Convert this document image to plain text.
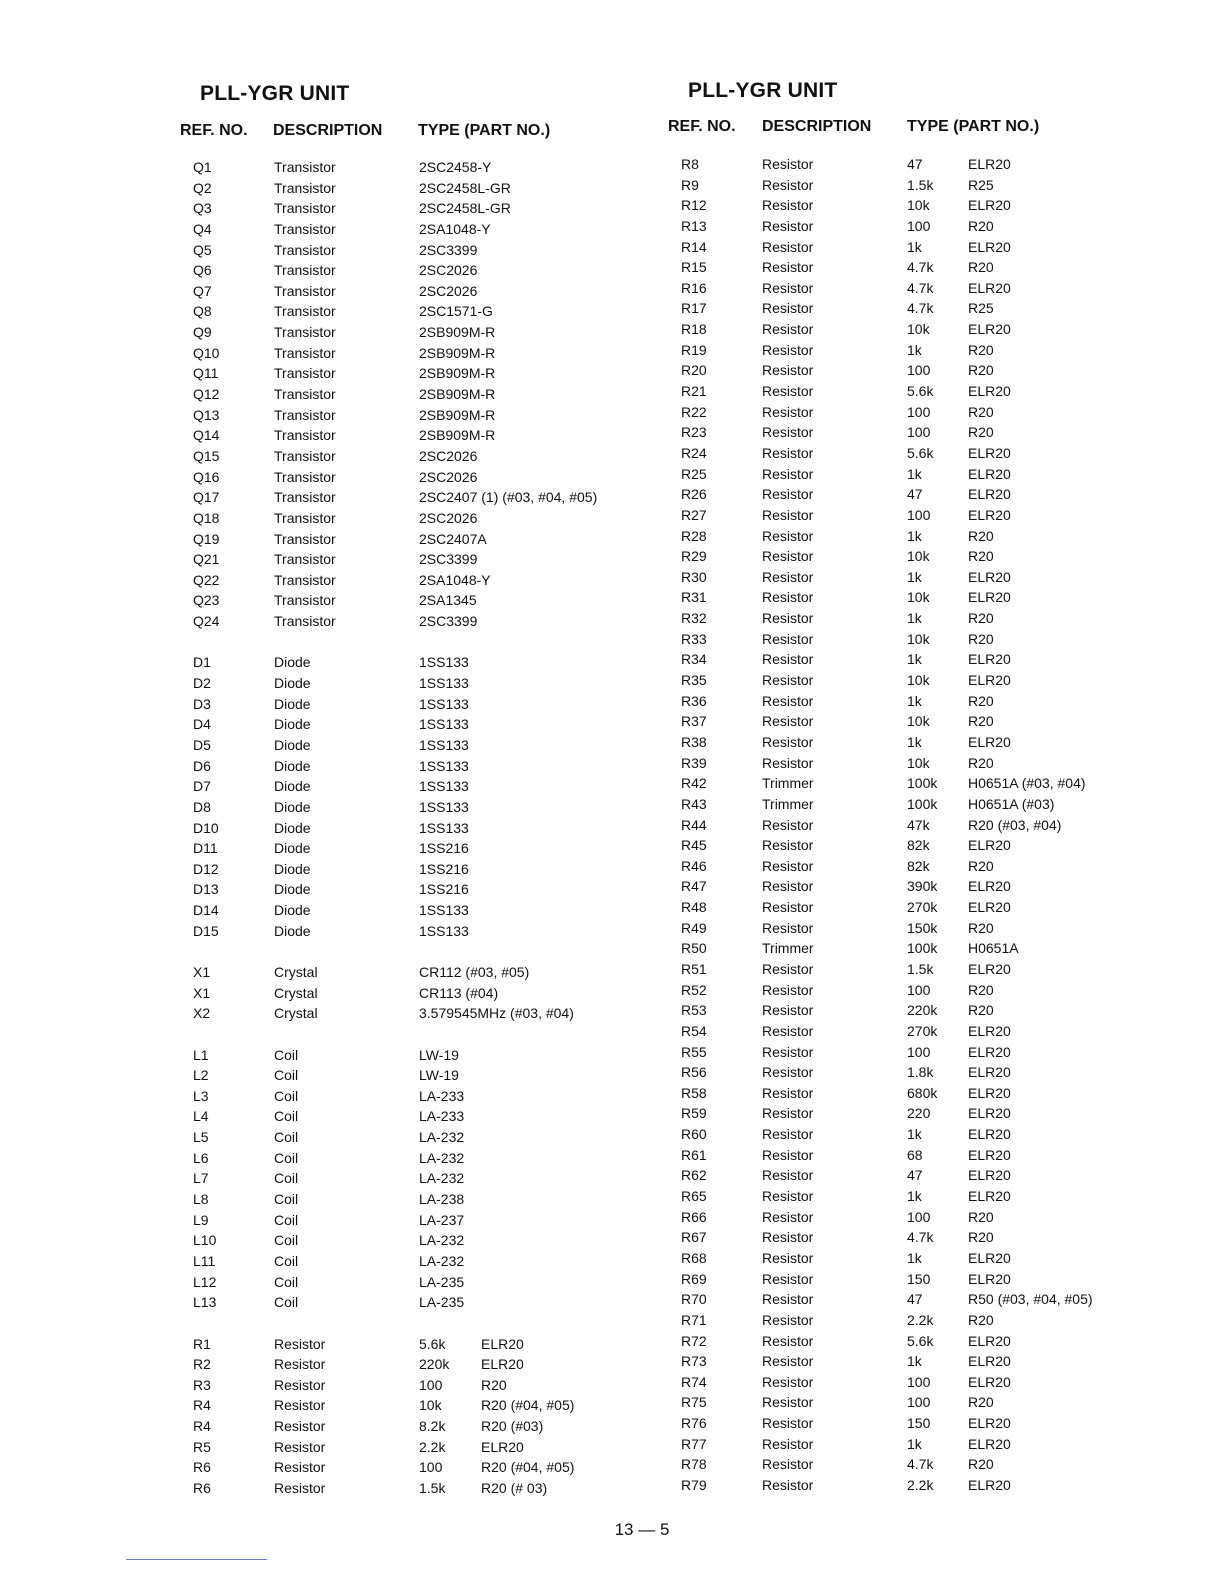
PLL-YGR UNIT
REF. NO. DESCRIPTION TYPE (PART NO.)
Q1	Transistor	2SC2458-Y
Q2	Transistor	2SC2458L-GR
Q3	Transistor	2SC2458L-GR
Q4	Transistor	2SA1048-Y
Q5	Transistor	2SC3399
Q6	Transistor	2SC2026
Q7	Transistor	2SC2026
Q8	Transistor	2SC1571-G
Q9	Transistor	2SB909M-R
Q10	Transistor	2SB909M-R
Q11	Transistor	2SB909M-R
Q12	Transistor	2SB909M-R
Q13	Transistor	2SB909M-R
Q14	Transistor	2SB909M-R
Q15	Transistor	2SC2026
Q16	Transistor	2SC2026
Q17	Transistor	2SC2407 (1) (#03, #04, #05)
Q18	Transistor	2SC2026
Q19	Transistor	2SC2407A
Q21	Transistor	2SC3399
Q22	Transistor	2SA1048-Y
Q23	Transistor	2SA1345
Q24	Transistor	2SC3399
D1	Diode	1SS133
D2	Diode	1SS133
D3	Diode	1SS133
D4	Diode	1SS133
D5	Diode	1SS133
D6	Diode	1SS133
D7	Diode	1SS133
D8	Diode	1SS133
D10	Diode	1SS133
D11	Diode	1SS216
D12	Diode	1SS216
D13	Diode	1SS216
D14	Diode	1SS133
D15	Diode	1SS133
X1	Crystal	CR112 (#03, #05)
X1	Crystal	CR113 (#04)
X2	Crystal	3.579545MHz (#03, #04)
L1	Coil	LW-19
L2	Coil	LW-19
L3	Coil	LA-233
L4	Coil	LA-233
L5	Coil	LA-232
L6	Coil	LA-232
L7	Coil	LA-232
L8	Coil	LA-238
L9	Coil	LA-237
L10	Coil	LA-232
L11	Coil	LA-232
L12	Coil	LA-235
L13	Coil	LA-235
R1	Resistor	5.6k	ELR20
R2	Resistor	220k ELR20
R3	Resistor	100	R20
R4	Resistor	10k	R20 (#04, #05)
R4	Resistor	8.2k	R20 (#03)
R5	Resistor	2.2k	ELR20
R6	Resistor	100	R20 (#04, #05)
R6	Resistor	1.5k	R20 (# 03)
PLL-YGR UNIT
REF. NO. DESCRIPTION TYPE (PART NO.)
R8	Resistor	47	ELR20
R9	Resistor	1.5k R25
R12	Resistor	10k	ELR20
R13	Resistor	100	R20
R14	Resistor	1k	ELR20
R15	Resistor	4.7k R20
R16	Resistor	4.7k ELR20
R17	Resistor	4.7k R25
R18	Resistor	10k	ELR20
R19	Resistor	1k	R20
R20	Resistor	100	R20
R21	Resistor	5.6k ELR20
R22	Resistor	100	R20
R23	Resistor	100	R20
R24	Resistor	5.6k ELR20
R25	Resistor	1k	ELR20
R26	Resistor	47	ELR20
R27	Resistor	100	ELR20
R28	Resistor	1k	R20
R29	Resistor	10k	R20
R30	Resistor	1k	ELR20
R31	Resistor	10k	ELR20
R32	Resistor	1k	R20
R33	Resistor	10k	R20
R34	Resistor	1k	ELR20
R35	Resistor	10k	ELR20
R36	Resistor	1k	R20
R37	Resistor	10k	R20
R38	Resistor	1k	ELR20
R39	Resistor	10k	R20
R42	Trimmer	100k H0651A (#03, #04)
R43	Trimmer	100k H0651A (#03)
R44	Resistor	47k	R20 (#03, #04)
R45	Resistor	82k	ELR20
R46	Resistor	82k	R20
R47	Resistor	390k ELR20
R48	Resistor	270k ELR20
R49	Resistor	150k R20
R50	Trimmer	100k H0651A
R51	Resistor	1.5k ELR20
R52	Resistor	100	R20
R53	Resistor	220k R20
R54	Resistor	270k ELR20
R55	Resistor	100	ELR20
R56	Resistor	1.8k ELR20
R58	Resistor	680k ELR20
R59	Resistor	220	ELR20
R60	Resistor	1k	ELR20
R61	Resistor	68	ELR20
R62	Resistor	47	ELR20
R65	Resistor	1k	ELR20
R66	Resistor	100	R20
R67	Resistor	4.7k R20
R68	Resistor	1k	ELR20
R69	Resistor	150	ELR20
R70	Resistor	47	R50 (#03, #04, #05)
R71	Resistor	2.2k R20
R72	Resistor	5.6k ELR20
R73	Resistor	1k	ELR20
R74	Resistor	100	ELR20
R75	Resistor	100	R20
R76	Resistor	150	ELR20
R77	Resistor	1k	ELR20
R78	Resistor	4.7k R20
R79	Resistor	2.2k ELR20
13 — 5
